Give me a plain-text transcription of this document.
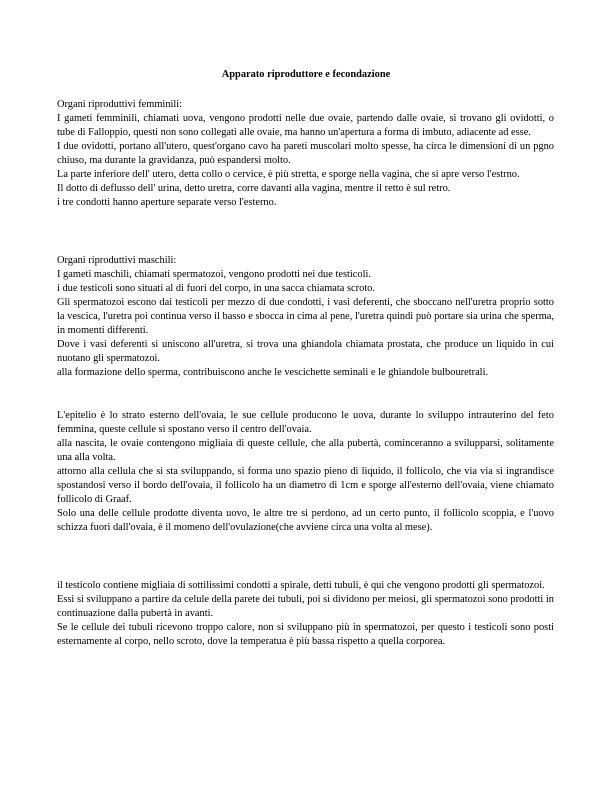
Apparato riproduttore e fecondazione

Organi riproduttivi femminili:

I gameti femminili, chiamati uova, vengono prodotti nelle due ovaie, partendo dalle ovaie, si trovano gli ovidotti, o tube di Falloppio, questi non sono collegati alle ovaie, ma hanno un'apertura a forma di imbuto, adiacente ad esse.

I due ovidotti, portano all'utero, quest'organo cavo ha pareti muscolari molto spesse, ha circa le dimensioni di un pgno chiuso, ma durante la gravidanza, può espandersi molto.

La parte inferiore dell' utero, detta collo o cervice, è più stretta, e sporge nella vagina, che si apre verso l'estrno.

Il dotto di deflusso dell' urina, detto uretra, corre davanti alla vagina, mentre il retto è sul retro.

i tre condotti hanno aperture separate verso l'esterno.

Organi riproduttivi maschili:

I gameti maschili, chiamati spermatozoi, vengono prodotti nei due testicoli.

i due testicoli sono situati al di fuori del corpo, in una sacca chiamata scroto.

Gli spermatozoi escono dai testicoli per mezzo di due condotti, i vasi deferenti, che sboccano nell'uretra proprio sotto la vescica, l'uretra poi continua verso il basso e sbocca in cima al pene, l'uretra quindi può portare sia urina che sperma, in momenti differenti.

Dove i vasi deferenti si uniscono all'uretra, si trova una ghiandola chiamata prostata, che produce un liquido in cui nuotano gli spermatozoi.

alla formazione dello sperma, contribuiscono anche le vescichette seminali e le ghiandole bulbouretrali.

L'epitelio è lo strato esterno dell'ovaia, le sue cellule producono le uova, durante lo sviluppo intrauterino del feto femmina, queste cellule si spostano verso il centro dell'ovaia.

alla nascita, le ovaie contengono migliaia di queste cellule, che alla pubertà, cominceranno a svilupparsi, solitamente una alla volta.

attorno alla cellula che si sta sviluppando, si forma uno spazio pieno di liquido, il follicolo, che via via si ingrandisce spostandosi verso il bordo dell'ovaia, il follicolo ha un diametro di 1cm e sporge all'esterno dell'ovaia, viene chiamato follicolo di Graaf.

Solo una delle cellule prodotte diventa uovo, le altre tre si perdono, ad un certo punto, il follicolo scoppia, e l'uovo schizza fuori dall'ovaia, è il momeno dell'ovulazione(che avviene circa una volta al mese).

il testicolo contiene migliaia di sottilissimi condotti a spirale, detti tubuli, è qui che vengono prodotti gli spermatozoi.

Essi si sviluppano a partire da celule della parete dei tubuli, poi si dividono per meiosi, gli spermatozoi sono prodotti in continuazione dalla pubertà in avanti.

Se le cellule dei tubuli ricevono troppo calore, non si sviluppano più in spermatozoi, per questo i testicoli sono posti esternamente al corpo, nello scroto, dove la temperatua è più bassa rispetto a quella corporea.
